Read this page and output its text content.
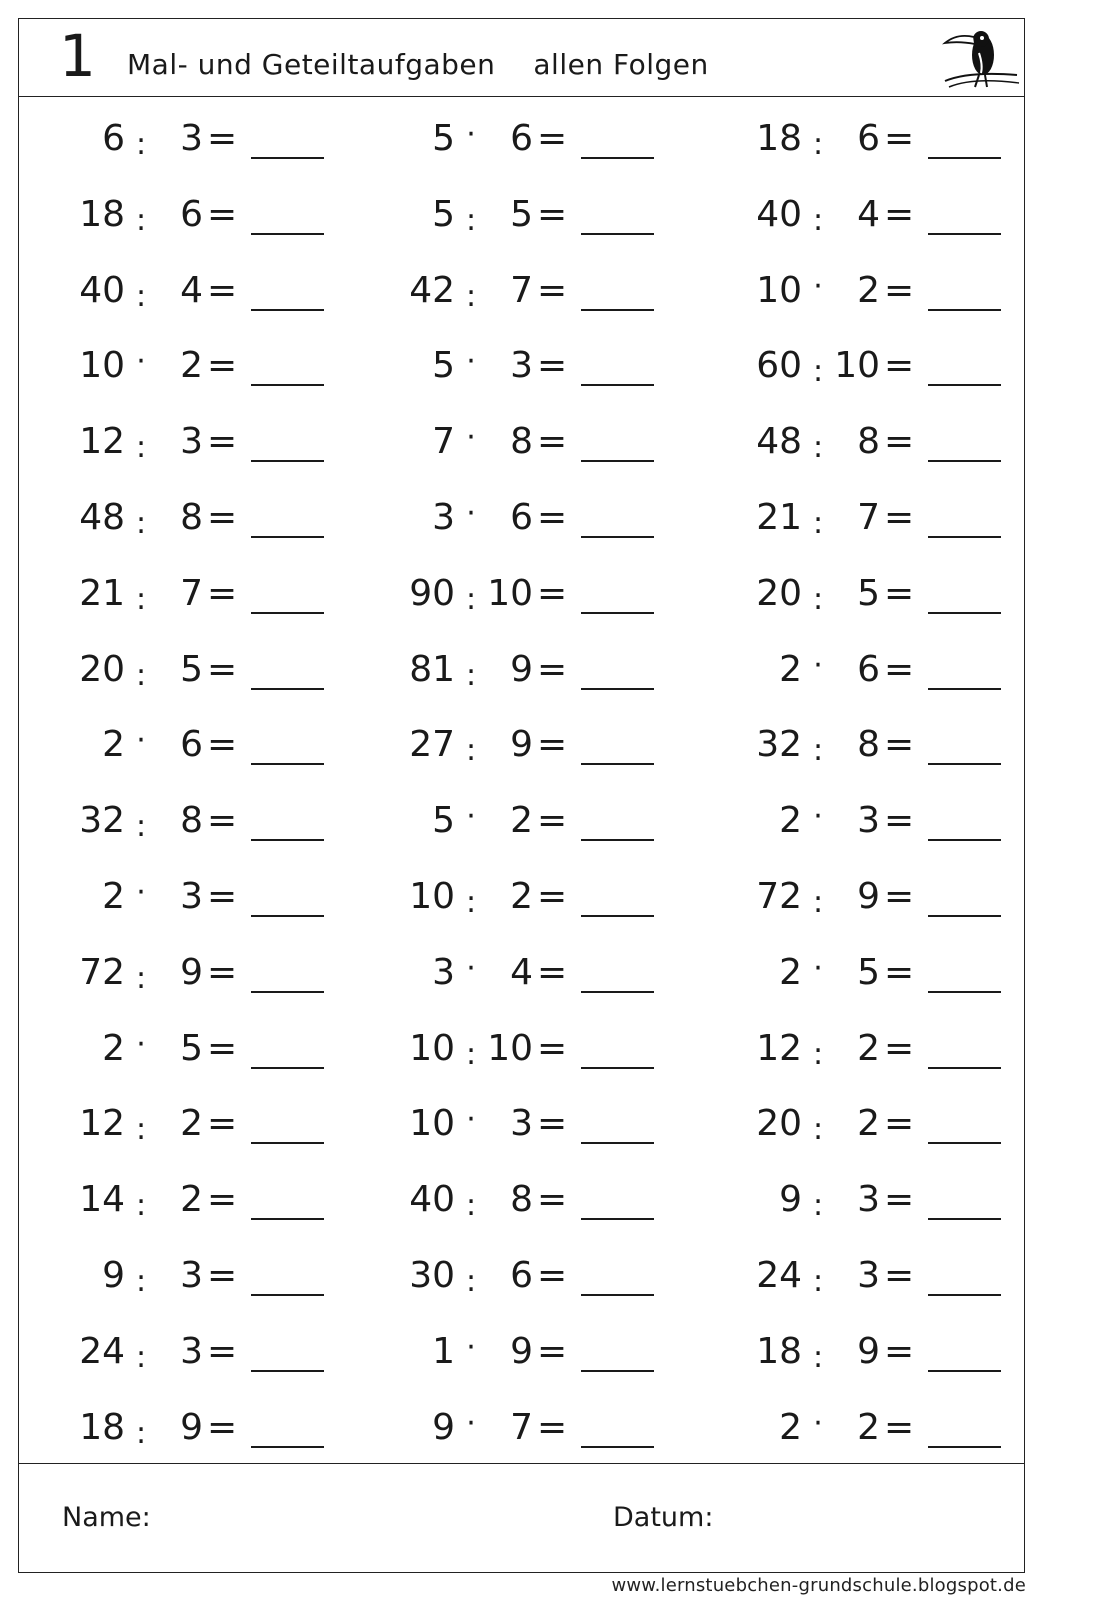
1 Mal- und Geteiltaufgaben allen Folgen
6 : 3 =	5 · 6 =	18 : 6 =
18 : 6 =	5 : 5 =	40 : 4 =
40 : 4 =	42 : 7 =	10 · 2 =
10 · 2 =	5 · 3 =	60 : 10 =
12 : 3 =	7 · 8 =	48 : 8 =
48 : 8 =	3 · 6 =	21 : 7 =
21 : 7 =	90 : 10 =	20 : 5 =
20 : 5 =	81 : 9 =	2 · 6 =
2 · 6 =	27 : 9 =	32 : 8 =
32 : 8 =	5 · 2 =	2 · 3 =
2 · 3 =	10 : 2 =	72 : 9 =
72 : 9 =	3 · 4 =	2 · 5 =
2 · 5 =	10 : 10 =	12 : 2 =
12 : 2 =	10 · 3 =	20 : 2 =
14 : 2 =	40 : 8 =	9 : 3 =
9 : 3 =	30 : 6 =	24 : 3 =
24 : 3 =	1 · 9 =	18 : 9 =
18 : 9 =	9 · 7 =	2 · 2 =
Name:	Datum:
www.lernstuebchen-grundschule.blogspot.de
